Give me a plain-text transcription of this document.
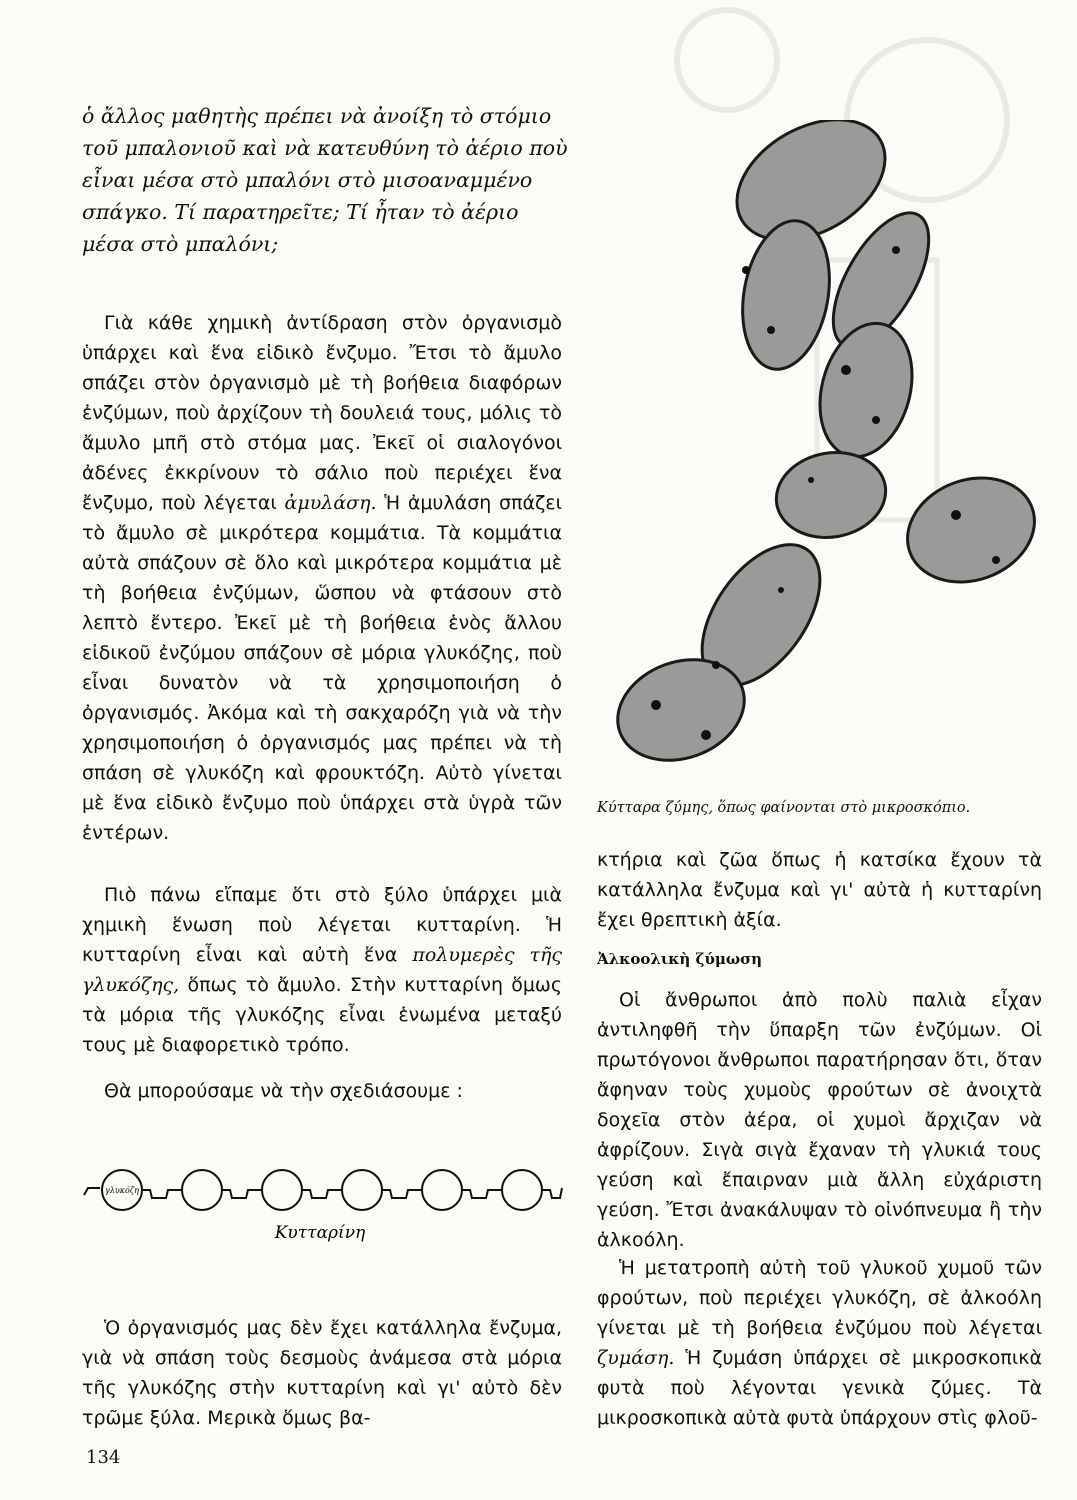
ὁ ἄλλος μαθητὴς πρέπει νὰ ἀνοίξη τὸ στόμιο τοῦ μπαλονιοῦ καὶ νὰ κατευθύνη τὸ ἀέριο ποὺ εἶναι μέσα στὸ μπαλόνι στὸ μισοαναμμένο σπάγκο. Τί παρατηρεῖτε; Τί ἦταν τὸ ἀέριο μέσα στὸ μπαλόνι;

Γιὰ κάθε χημικὴ ἀντίδραση στὸν ὀργανισμὸ ὑπάρχει καὶ ἕνα εἰδικὸ ἔνζυμο. Ἔτσι τὸ ἄμυλο σπάζει στὸν ὀργανισμὸ μὲ τὴ βοήθεια διαφόρων ἐνζύμων, ποὺ ἀρχίζουν τὴ δουλειά τους, μόλις τὸ ἄμυλο μπῆ στὸ στόμα μας. Ἐκεῖ οἱ σιαλογόνοι ἀδένες ἐκκρίνουν τὸ σάλιο ποὺ περιέχει ἕνα ἔνζυμο, ποὺ λέγεται ἀμυλάση. Ἡ ἀμυλάση σπάζει τὸ ἄμυλο σὲ μικρότερα κομμάτια. Τὰ κομμάτια αὐτὰ σπάζουν σὲ ὅλο καὶ μικρότερα κομμάτια μὲ τὴ βοήθεια ἐνζύμων, ὥσπου νὰ φτάσουν στὸ λεπτὸ ἔντερο. Ἐκεῖ μὲ τὴ βοήθεια ἑνὸς ἄλλου εἰδικοῦ ἐνζύμου σπάζουν σὲ μόρια γλυκόζης, ποὺ εἶναι δυνατὸν νὰ τὰ χρησιμοποιήση ὁ ὀργανισμός. Ἀκόμα καὶ τὴ σακχαρόζη γιὰ νὰ τὴν χρησιμοποιήση ὁ ὀργανισμός μας πρέπει νὰ τὴ σπάση σὲ γλυκόζη καὶ φρουκτόζη. Αὐτὸ γίνεται μὲ ἕνα εἰδικὸ ἔνζυμο ποὺ ὑπάρχει στὰ ὑγρὰ τῶν ἐντέρων.

Πιὸ πάνω εἴπαμε ὅτι στὸ ξύλο ὑπάρχει μιὰ χημικὴ ἕνωση ποὺ λέγεται κυτταρίνη. Ἡ κυτταρίνη εἶναι καὶ αὐτὴ ἕνα πολυμερὲς τῆς γλυκόζης, ὅπως τὸ ἄμυλο. Στὴν κυτταρίνη ὅμως τὰ μόρια τῆς γλυκόζης εἶναι ἑνωμένα μεταξύ τους μὲ διαφορετικὸ τρόπο.

Θὰ μπορούσαμε νὰ τὴν σχεδιάσουμε :

γλυκόζη
Κυτταρίνη

Ὁ ὀργανισμός μας δὲν ἔχει κατάλληλα ἔνζυμα, γιὰ νὰ σπάση τοὺς δεσμοὺς ἀνάμεσα στὰ μόρια τῆς γλυκόζης στὴν κυτταρίνη καὶ γι' αὐτὸ δὲν τρῶμε ξύλα. Μερικὰ ὅμως βα-

134
Κύτταρα ζύμης, ὅπως φαίνονται στὸ μικροσκόπιο.

κτήρια καὶ ζῶα ὅπως ἡ κατσίκα ἔχουν τὰ κατάλληλα ἔνζυμα καὶ γι' αὐτὰ ἡ κυτταρίνη ἔχει θρεπτικὴ ἀξία.

Ἀλκοολικὴ ζύμωση

Οἱ ἄνθρωποι ἀπὸ πολὺ παλιὰ εἶχαν ἀντιληφθῆ τὴν ὕπαρξη τῶν ἐνζύμων. Οἱ πρωτόγονοι ἄνθρωποι παρατήρησαν ὅτι, ὅταν ἄφηναν τοὺς χυμοὺς φρούτων σὲ ἀνοιχτὰ δοχεῖα στὸν ἀέρα, οἱ χυμοὶ ἄρχιζαν νὰ ἀφρίζουν. Σιγὰ σιγὰ ἔχαναν τὴ γλυκιά τους γεύση καὶ ἔπαιρναν μιὰ ἄλλη εὐχάριστη γεύση. Ἔτσι ἀνακάλυψαν τὸ οἰνόπνευμα ἢ τὴν ἀλκοόλη.

Ἡ μετατροπὴ αὐτὴ τοῦ γλυκοῦ χυμοῦ τῶν φρούτων, ποὺ περιέχει γλυκόζη, σὲ ἀλκοόλη γίνεται μὲ τὴ βοήθεια ἐνζύμου ποὺ λέγεται ζυμάση. Ἡ ζυμάση ὑπάρχει σὲ μικροσκοπικὰ φυτὰ ποὺ λέγονται γενικὰ ζύμες. Τὰ μικροσκοπικὰ αὐτὰ φυτὰ ὑπάρχουν στὶς φλοῦ-
